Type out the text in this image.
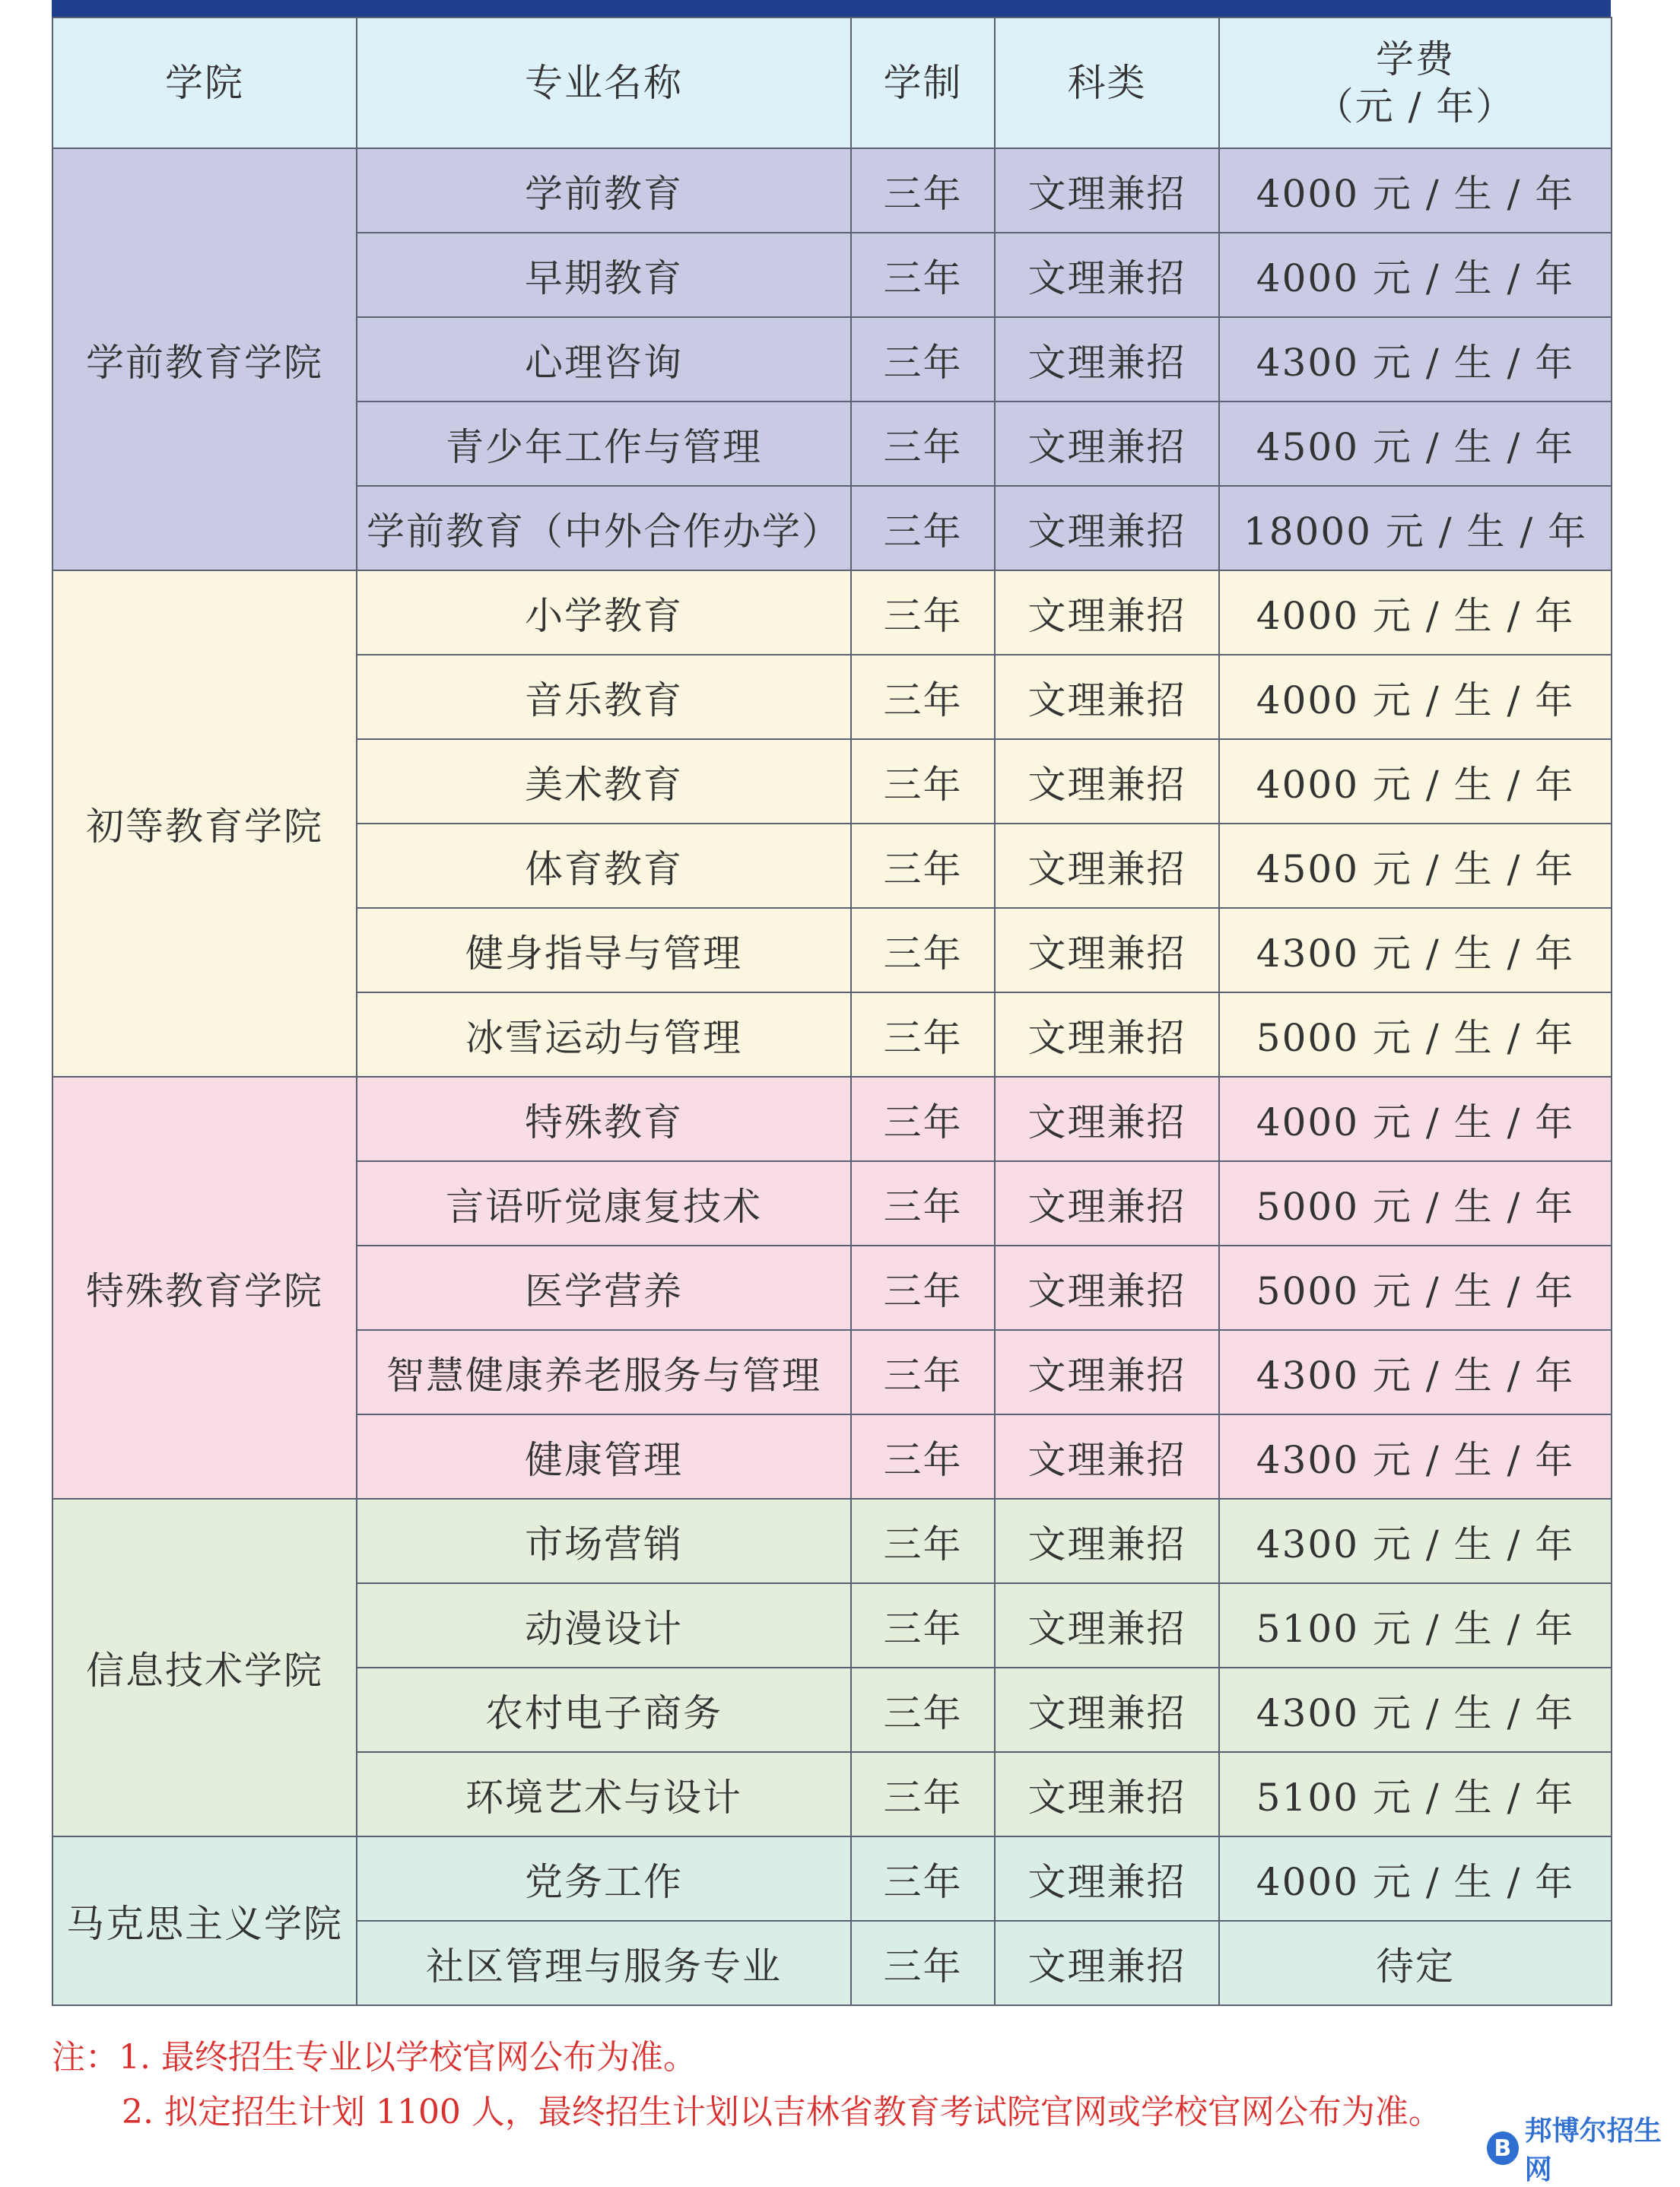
学院	专业名称	学制	科类	学费
（元 / 年）

学前教育学院	学前教育	三年	文理兼招	4000 元 / 生 / 年
	早期教育	三年	文理兼招	4000 元 / 生 / 年
	心理咨询	三年	文理兼招	4300 元 / 生 / 年
	青少年工作与管理	三年	文理兼招	4500 元 / 生 / 年
	学前教育（中外合作办学）	三年	文理兼招	18000 元 / 生 / 年
初等教育学院	小学教育	三年	文理兼招	4000 元 / 生 / 年
	音乐教育	三年	文理兼招	4000 元 / 生 / 年
	美术教育	三年	文理兼招	4000 元 / 生 / 年
	体育教育	三年	文理兼招	4500 元 / 生 / 年
	健身指导与管理	三年	文理兼招	4300 元 / 生 / 年
	冰雪运动与管理	三年	文理兼招	5000 元 / 生 / 年
特殊教育学院	特殊教育	三年	文理兼招	4000 元 / 生 / 年
	言语听觉康复技术	三年	文理兼招	5000 元 / 生 / 年
	医学营养	三年	文理兼招	5000 元 / 生 / 年
	智慧健康养老服务与管理	三年	文理兼招	4300 元 / 生 / 年
	健康管理	三年	文理兼招	4300 元 / 生 / 年
信息技术学院	市场营销	三年	文理兼招	4300 元 / 生 / 年
	动漫设计	三年	文理兼招	5100 元 / 生 / 年
	农村电子商务	三年	文理兼招	4300 元 / 生 / 年
	环境艺术与设计	三年	文理兼招	5100 元 / 生 / 年
马克思主义学院	党务工作	三年	文理兼招	4000 元 / 生 / 年
	社区管理与服务专业	三年	文理兼招	待定
注：1. 最终招生专业以学校官网公布为准。
2. 拟定招生计划 1100 人，最终招生计划以吉林省教育考试院官网或学校官网公布为准。
B
邦博尔招生网
